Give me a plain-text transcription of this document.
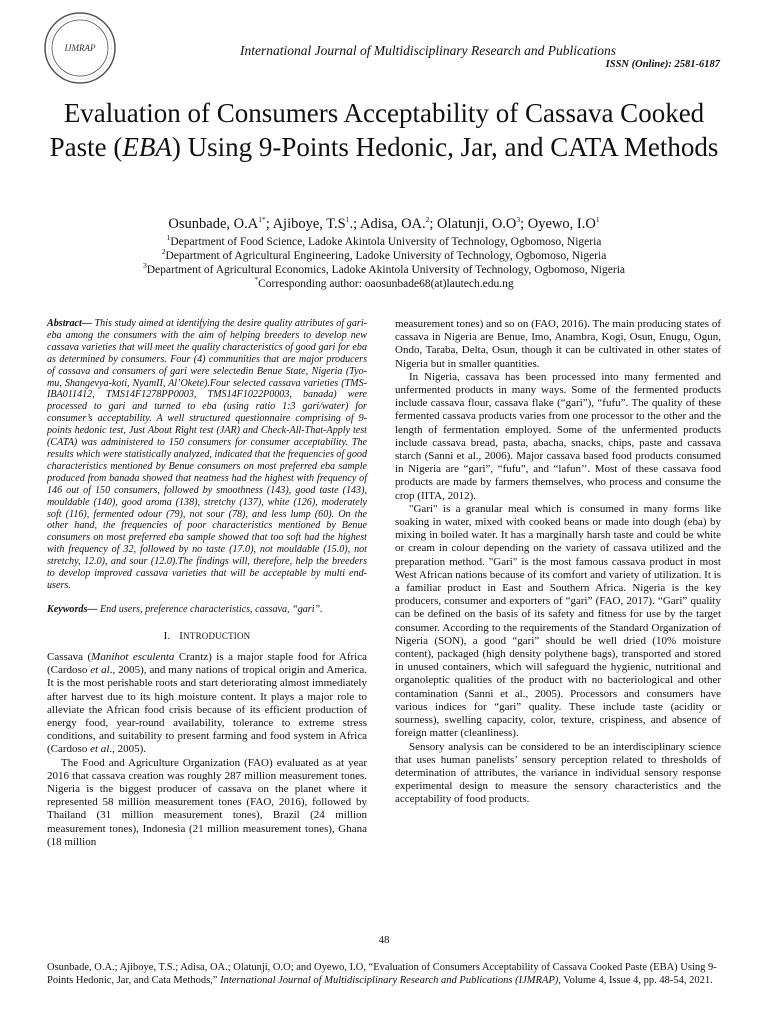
IJMRAP	International Journal of Multidisciplinary Research and Publications
ISSN (Online): 2581-6187
Evaluation of Consumers Acceptability of Cassava Cooked Paste (EBA) Using 9-Points Hedonic, Jar, and CATA Methods
Osunbade, $O.A^{1*}$; Ajiboye, $T.S^1$.; Adisa, OA.$^2$; Olatunji, $O.O^3$; Oyewo, $I.O^1$
$^1$Department of Food Science, Ladoke Akintola University of Technology, Ogbomoso, Nigeria
$^2$Department of Agricultural Engineering, Ladoke University of Technology, Ogbomoso, Nigeria
$^3$Department of Agricultural Economics, Ladoke Akintola University of Technology, Ogbomoso, Nigeria
*Corresponding author: oaosunbade68(at)lautech.edu.ng

Abstract— This study aimed at identifying the desire quality attributes of gari-eba among the consumers with the aim of helping breeders to develop new cassava varieties that will meet the quality characteristics of good gari for eba as determined by consumers. Four (4) communities that are major producers of cassava and consumers of gari were selectedin Benue State, Nigeria (Tyo-mu, Shangevya-koti, NyamII, Al’Okete).Four selected cassava varieties (TMS-IBA011412, TMS14F1278PP0003, TMS14F1022P0003, banada) were processed to gari and turned to eba (using ratio 1:3 gari/water) for consumer’s acceptability. A well structured questionnaire comprising of 9-points hedonic test, Just About Right test (JAR) and Check-All-That-Apply test (CATA) was administered to 150 consumers for consumer acceptability. The results which were statistically analyzed, indicated that the frequencies of good characteristics mentioned by Benue consumers on most preferred eba sample produced from banada showed that neatness had the highest with frequency of 146 out of 150 consumers, followed by smoothness (143), good taste (143), mouldable (140), good aroma (138), stretchy (137), white (126), moderately soft (116), fermented odour (79), not sour (78), and less lump (60). On the other hand, the frequencies of poor characteristics mentioned by Benue consumers on most preferred eba sample showed that too soft had the highest with frequency of 32, followed by no taste (17.0), not mouldable (15.0), not stretchy, 12.0), and sour (12.0).The findings will, therefore, help the breeders to develop improved cassava varieties that will be acceptable by multi end-users.

Keywords— End users, preference characteristics, cassava, “gari”.

I. INTRODUCTION

Cassava (Manihot esculenta Crantz) is a major staple food for Africa (Cardoso et al., 2005), and many nations of tropical origin and America. It is the most perishable roots and start deteriorating almost immediately after harvest due to its high moisture content. It plays a major role to alleviate the African food crisis because of its efficient production of energy food, year-round availability, tolerance to extreme stress conditions, and suitability to present farming and food system in Africa (Cardoso et al., 2005).

The Food and Agriculture Organization (FAO) evaluated as at year 2016 that cassava creation was roughly 287 million measurement tones. Nigeria is the biggest producer of cassava on the planet where it represented 58 million measurement tones (FAO, 2016), followed by Thailand (31 million measurement tones), Brazil (24 million measurement tones), Indonesia (21 million measurement tones), Ghana (18 million

measurement tones) and so on (FAO, 2016). The main producing states of cassava in Nigeria are Benue, Imo, Anambra, Kogi, Osun, Enugu, Ogun, Ondo, Taraba, Delta, Osun, though it can be cultivated in other states of Nigeria but in smaller quantities.

In Nigeria, cassava has been processed into many fermented and unfermented products in many ways. Some of the fermented products include cassava flour, cassava flake (“gari”), “fufu”. The quality of these fermented cassava products varies from one processor to the other and the length of fermentation employed. Some of the unfermented products include cassava bread, pasta, abacha, snacks, chips, paste and cassava starch (Sanni et al., 2006). Major cassava based food products consumed in Nigeria are “gari”, “fufu”, and “lafun’’. Most of these cassava food products are made by farmers themselves, who process and consume the crop (IITA, 2012).

"Gari" is a granular meal which is consumed in many forms like soaking in water, mixed with cooked beans or made into dough (eba) by mixing in boiled water. It has a marginally harsh taste and could be white or cream in colour depending on the variety of cassava utilized and the preparation method. "Gari" is the most famous cassava product in most West African nations because of its comfort and variety of utilization. It is a familiar product in East and Southern Africa. Nigeria is the key producers, consumer and exporters of “gari” (FAO, 2017). “Gari” quality can be defined on the basis of its safety and fitness for use by the target consumer. According to the requirements of the Standard Organization of Nigeria (SON), a good “gari” should be well dried (10% moisture content), packaged (high density polythene bags), transported and stored in unused containers, which will safeguard the hygienic, nutritional and organoleptic qualities of the product with no bacteriological and other contamination (Sanni et al., 2005). Processors and consumers have various indices for “gari” quality. These include taste (acidity or sourness), swelling capacity, color, texture, crispiness, and absence of foreign matter (cleanliness).

Sensory analysis can be considered to be an interdisciplinary science that uses human panelists’ sensory perception related to thresholds of determination of attributes, the variance in individual sensory response experimental design to measure the sensory characteristics and the acceptability of food products.

48
Osunbade, O.A.; Ajiboye, T.S.; Adisa, OA.; Olatunji, O.O; and Oyewo, I.O, “Evaluation of Consumers Acceptability of Cassava Cooked Paste (EBA) Using 9-Points Hedonic, Jar, and Cata Methods,” International Journal of Multidisciplinary Research and Publications (IJMRAP), Volume 4, Issue 4, pp. 48-54, 2021.
